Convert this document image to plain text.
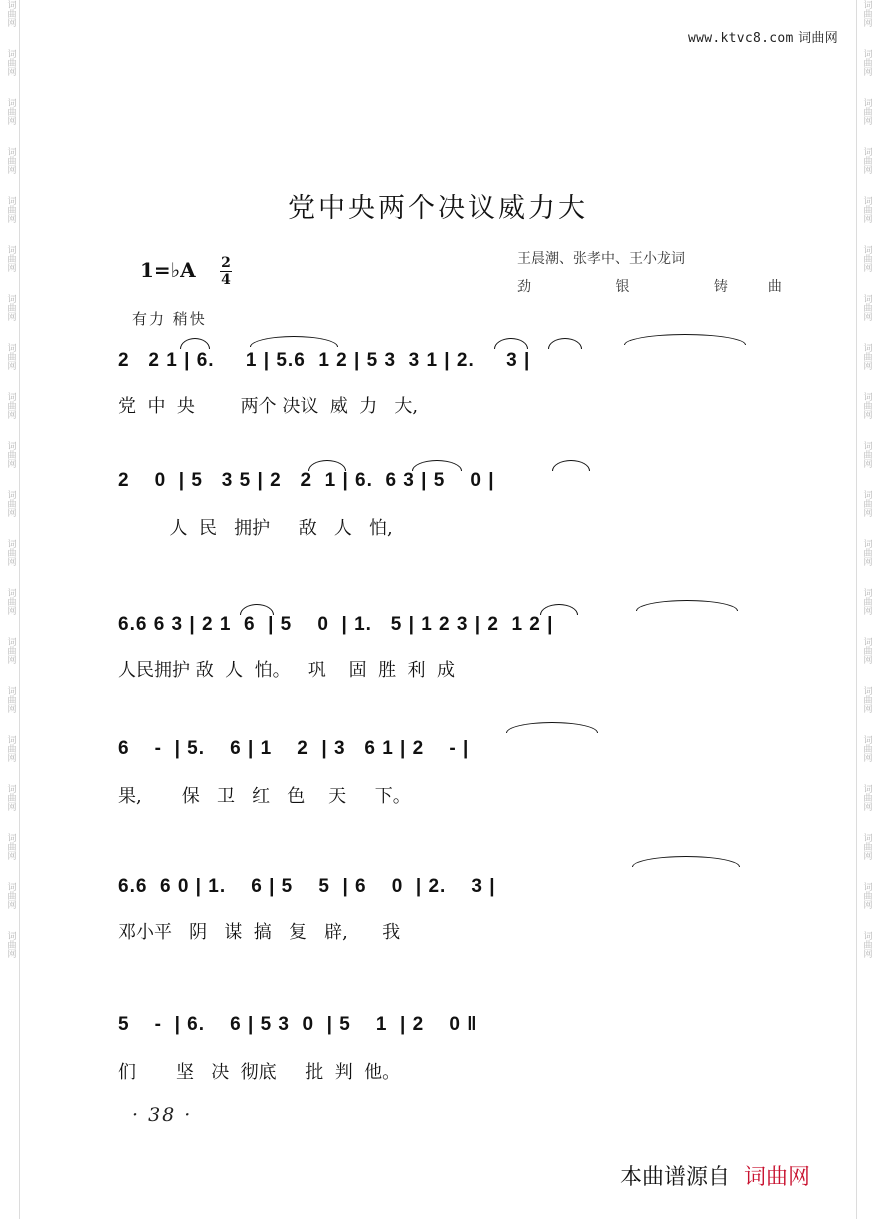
词曲网
词曲网
词曲网
词曲网
词曲网
词曲网
词曲网
词曲网
词曲网
词曲网
词曲网
词曲网
词曲网
词曲网
词曲网
词曲网
词曲网
词曲网
词曲网
词曲网
词曲网
词曲网
词曲网
词曲网
词曲网
词曲网
词曲网
词曲网
词曲网
词曲网
词曲网
词曲网
词曲网
词曲网
词曲网
词曲网
词曲网
词曲网
词曲网
词曲网
www.ktvc8.com 词曲网
党中央两个决议威力大
1=♭A 2
4
王晨潮、张孝中、王小龙词
劲 银 铸曲
有力 稍快
2   2 1 | 6.     1 | 5.6  1 2 | 5 3  3 1 | 2.     3 |
党  中  央        两个 决议  威  力   大,
2    0  | 5   3 5 | 2   2  1 | 6.  6 3 | 5    0 |
人  民   拥护     敌   人   怕,
6.6 6 3 | 2 1  6  | 5    0  | 1.   5 | 1 2 3 | 2  1 2 |
人民拥护 敌  人  怕。   巩    固  胜  利  成
6    -  | 5.    6 | 1    2  | 3   6 1 | 2    - |
果,       保   卫   红   色    天     下。
6.6  6 0 | 1.    6 | 5    5  | 6    0  | 2.    3 |
邓小平   阴   谋  搞   复   辟,      我
5    -  | 6.    6 | 5 3  0  | 5    1  | 2    0 ‖
们       坚   决  彻底     批  判  他。
· 38 ·
本曲谱源自 词曲网
